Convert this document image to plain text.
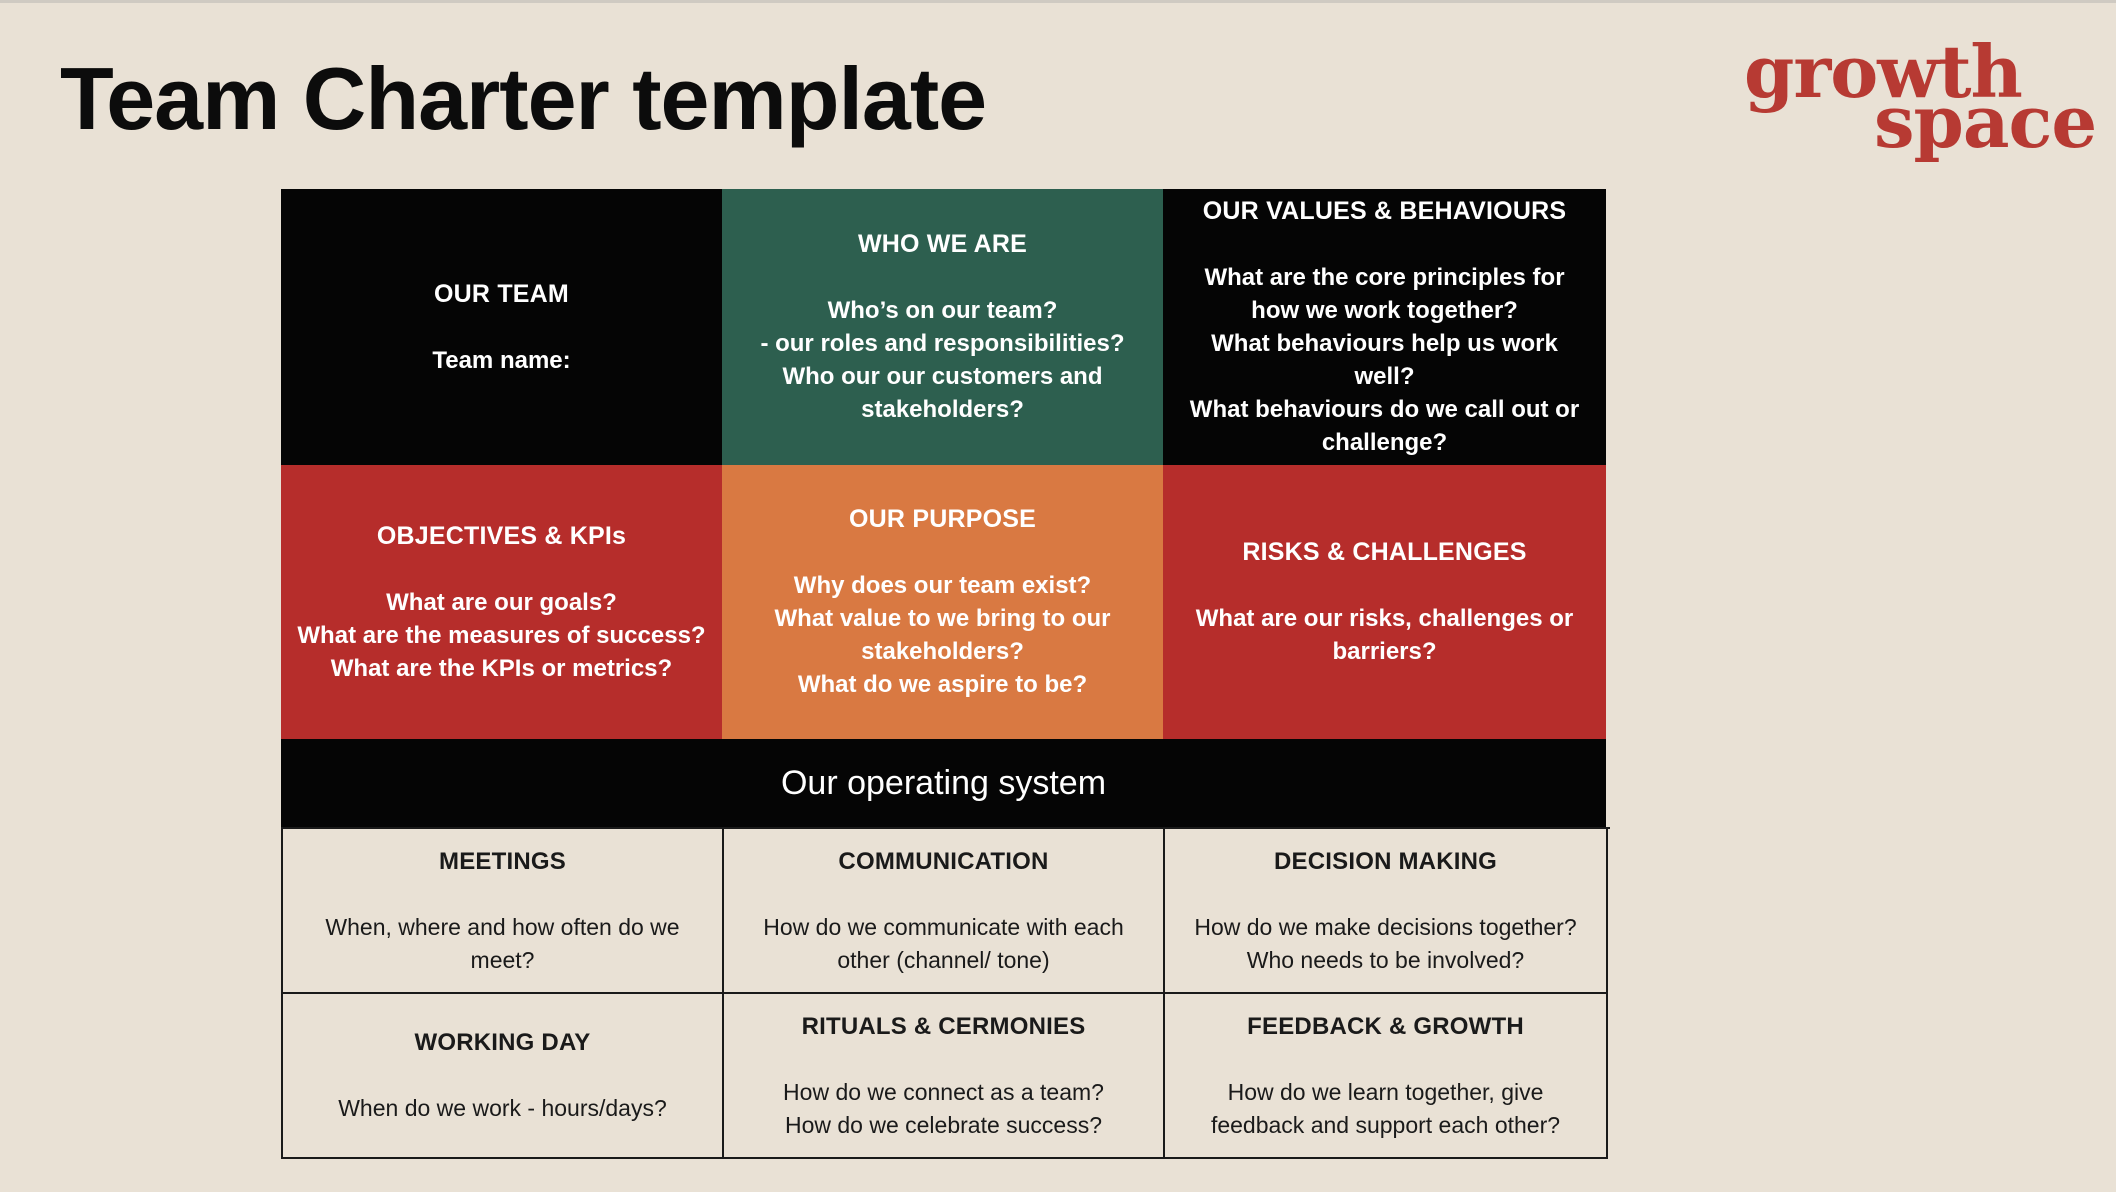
Team Charter template	growth
space
OUR TEAM
Team name:
WHO WE ARE
Who’s on our team?
- our roles and responsibilities?
Who our our customers and stakeholders?
OUR VALUES & BEHAVIOURS
What are the core principles for how we work together?
What behaviours help us work well?
What behaviours do we call out or challenge?
OBJECTIVES & KPIs
What are our goals?
What are the measures of success?
What are the KPIs or metrics?
OUR PURPOSE
Why does our team exist?
What value to we bring to our stakeholders?
What do we aspire to be?
RISKS & CHALLENGES
What are our risks, challenges or barriers?
Our operating system
MEETINGS
When, where and how often do we meet?
COMMUNICATION
How do we communicate with each other (channel/ tone)
DECISION MAKING
How do we make decisions together?
Who needs to be involved?
WORKING DAY
When do we work - hours/days?
RITUALS & CERMONIES
How do we connect as a team?
How do we celebrate success?
FEEDBACK & GROWTH
How do we learn together, give feedback and support each other?
